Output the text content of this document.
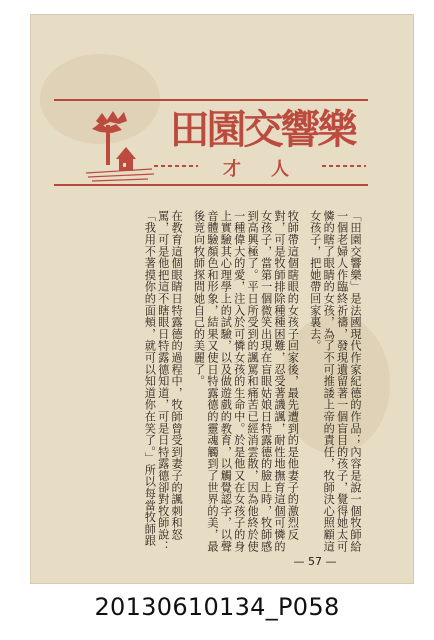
田園交響樂
才　人

「田園交響樂」是法國現代作家紀德的作品；內容是說一個牧師給一個老婦人作臨終祈禱，發現遺留著一個盲目的孩子，覺得她太可憐的瞎了眼睛的女孩，為了不可推諉上帝的責任，牧師決心照顧這女孩子，把她帶回家裏去。

牧師帶這個瞎眼的女孩子回家後，最先遭到的是他妻子的激烈反對，可是牧師排除種種困難，忍受著譏諷，耐性地撫育這個可憐的女孩子，當第一個微笑出現在盲眼姑娘日特露德的臉上時，牧師感到高興極了。平日所受到的諷罵和痛苦已經消雲散，因為他終於使一種偉大的愛，注入於可憐女孩的生命中。於是他又在女孩子的身上實驗其心理學上的試驗，以及做遊戲的教育，以觸覺認字，以聲音體驗顏色和形象，結果又使日特露德的靈魂觸到了世界的美，最後竟向牧師探問她自己的美麗了。

在教育這個眼睛日特露德的過程中，牧師曾受到妻子的諷刺和怒罵，可是他把這不瞎眼日特露德知道，可是日特露德卻對牧師說：「我用不著摸你的面頰，就可以知道你在笑了。」所以每當牧師跟

— 57 —
20130610134_P058
